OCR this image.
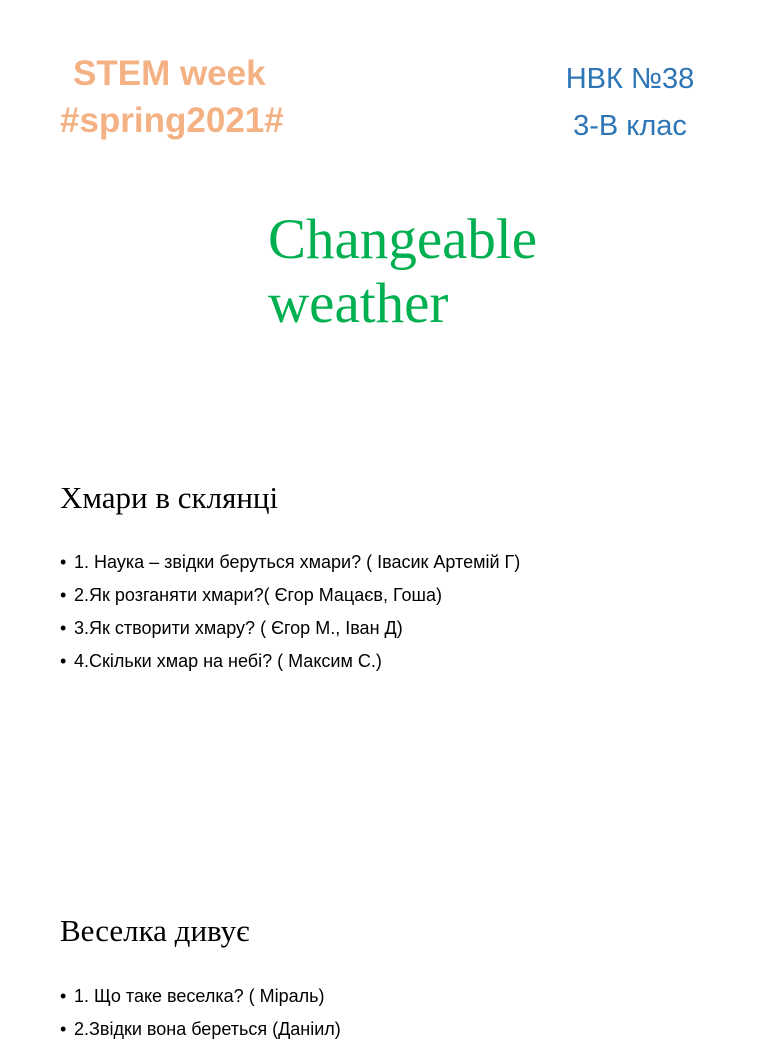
STEM week
#spring2021#
НВК №38
3-В клас
Changeable
weather
Хмари в склянці
• 1. Наука – звідки беруться хмари? ( Івасик Артемій Г)
• 2.Як розганяти хмари?( Єгор Мацаєв, Гоша)
• 3.Як створити хмару? ( Єгор М., Іван Д)
• 4.Скільки хмар на небі? ( Максим С.)
Веселка дивує
• 1. Що таке веселка? ( Міраль)
• 2.Звідки вона береться (Даніил)
